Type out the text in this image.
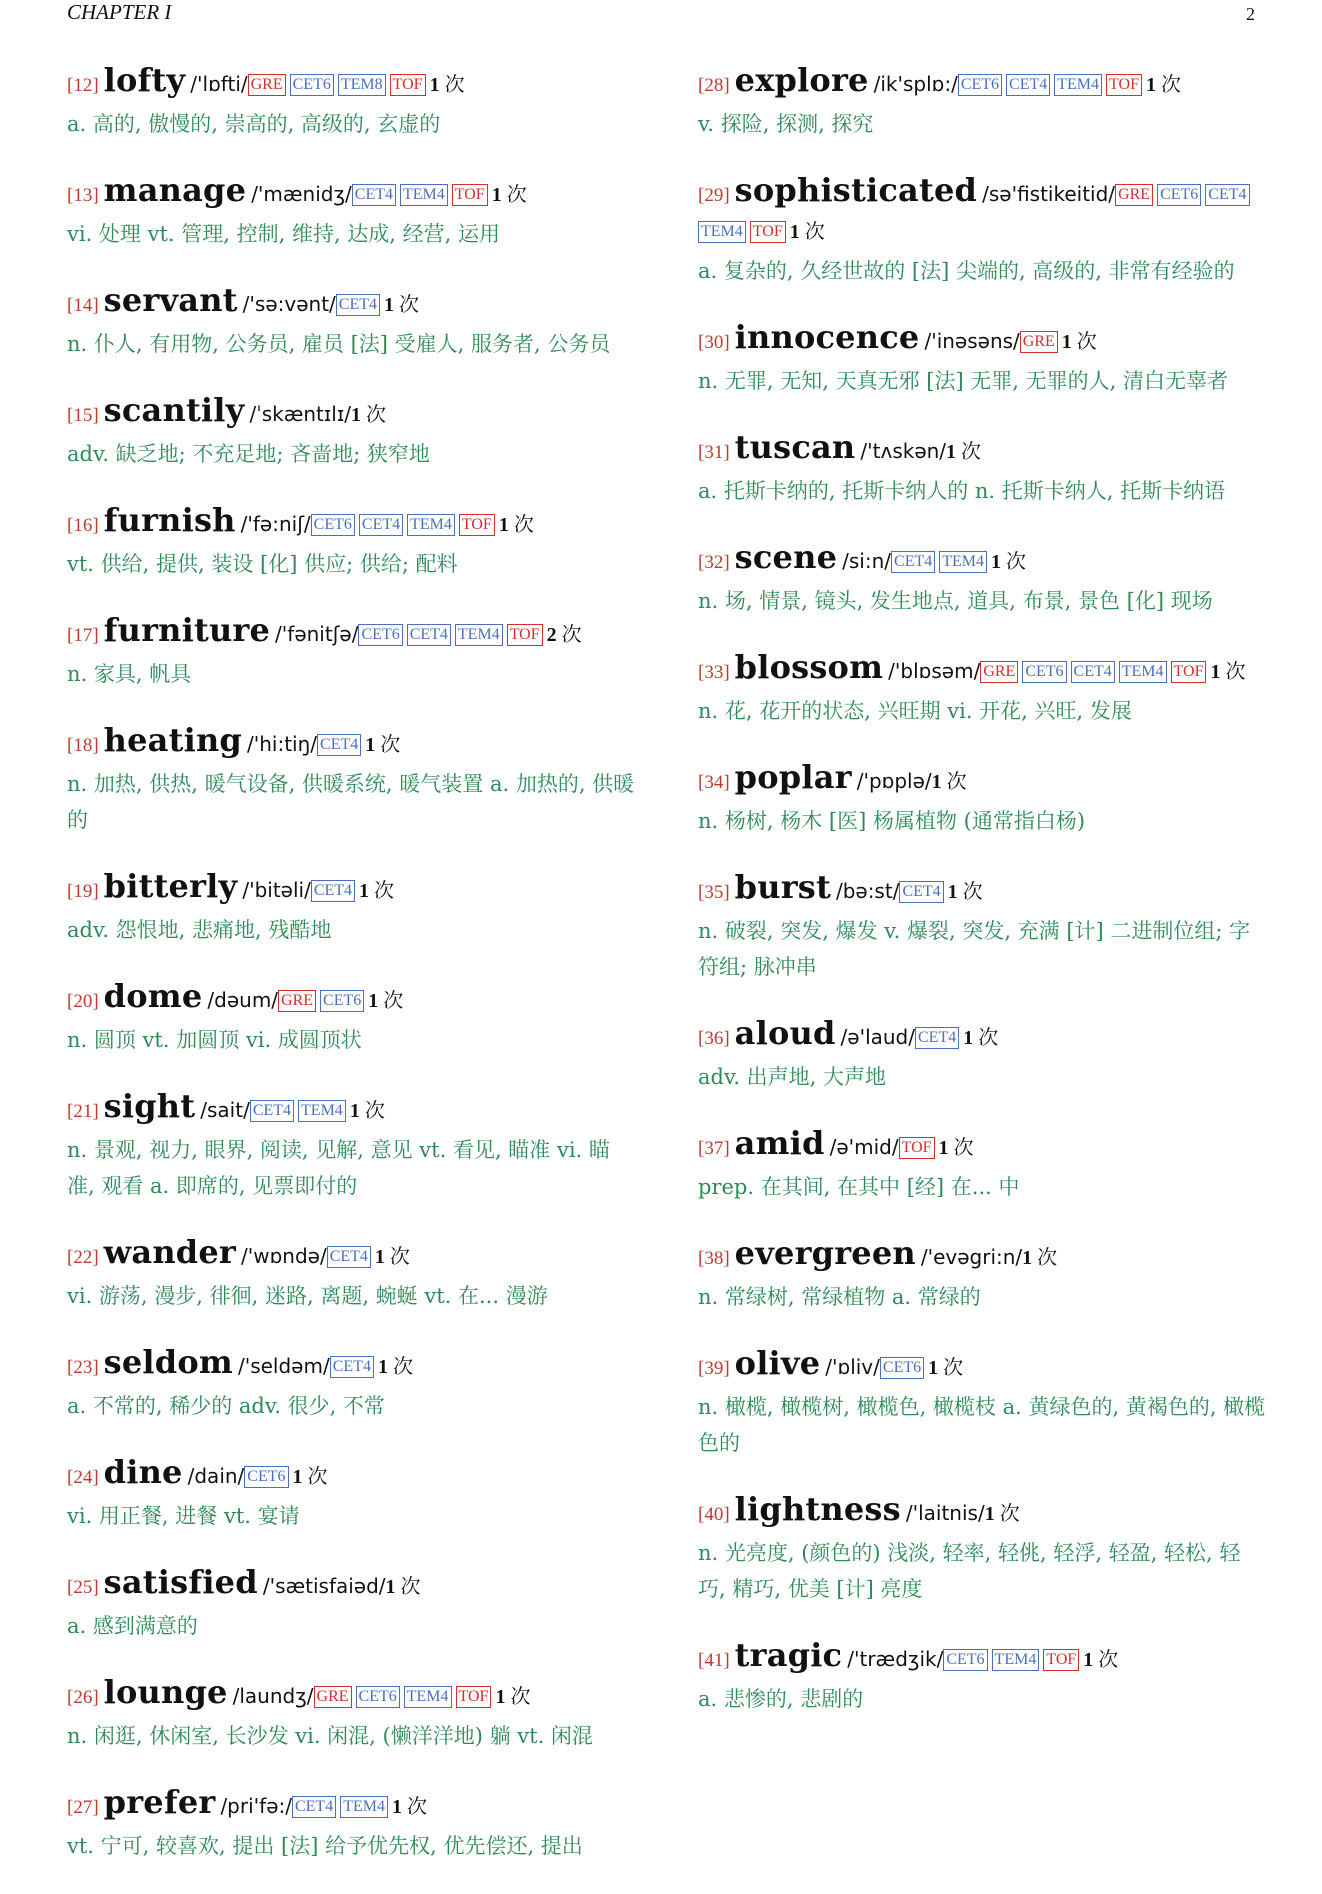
CHAPTER I	2
[12] lofty /'lɒfti/ GRE CET6 TEM8 TOF 1 次
a. 高的, 傲慢的, 崇高的, 高级的, 玄虚的
[13] manage /'mænidʒ/ CET4 TEM4 TOF 1 次
vi. 处理 vt. 管理, 控制, 维持, 达成, 经营, 运用
[14] servant /'sə:vənt/ CET4 1 次
n. 仆人, 有用物, 公务员, 雇员 [法] 受雇人, 服务者, 公务员
[15] scantily /ˈskæntɪlɪ/1 次
adv. 缺乏地; 不充足地; 吝啬地; 狭窄地
[16] furnish /'fə:niʃ/ CET6 CET4 TEM4 TOF 1 次
vt. 供给, 提供, 装设 [化] 供应; 供给; 配料
[17] furniture /'fənitʃə/ CET6 CET4 TEM4 TOF 2 次
n. 家具, 帆具
[18] heating /'hi:tiŋ/ CET4 1 次
n. 加热, 供热, 暖气设备, 供暖系统, 暖气装置 a. 加热的, 供暖的
[19] bitterly /'bitəli/ CET4 1 次
adv. 怨恨地, 悲痛地, 残酷地
[20] dome /dəum/ GRE CET6 1 次
n. 圆顶 vt. 加圆顶 vi. 成圆顶状
[21] sight /sait/ CET4 TEM4 1 次
n. 景观, 视力, 眼界, 阅读, 见解, 意见 vt. 看见, 瞄准 vi. 瞄准, 观看 a. 即席的, 见票即付的
[22] wander /'wɒndə/ CET4 1 次
vi. 游荡, 漫步, 徘徊, 迷路, 离题, 蜿蜒 vt. 在... 漫游
[23] seldom /'seldəm/ CET4 1 次
a. 不常的, 稀少的 adv. 很少, 不常
[24] dine /dain/ CET6 1 次
vi. 用正餐, 进餐 vt. 宴请
[25] satisfied /'sætisfaiəd/1 次
a. 感到满意的
[26] lounge /laundʒ/ GRE CET6 TEM4 TOF 1 次
n. 闲逛, 休闲室, 长沙发 vi. 闲混, (懒洋洋地) 躺 vt. 闲混
[27] prefer /pri'fə:/ CET4 TEM4 1 次
vt. 宁可, 较喜欢, 提出 [法] 给予优先权, 优先偿还, 提出
[28] explore /ik'splɒ:/ CET6 CET4 TEM4 TOF 1 次
v. 探险, 探测, 探究
[29] sophisticated /sə'fistikeitid/ GRE CET6 CET4TEM4 TOF 1 次
a. 复杂的, 久经世故的 [法] 尖端的, 高级的, 非常有经验的
[30] innocence /'inəsəns/ GRE 1 次
n. 无罪, 无知, 天真无邪 [法] 无罪, 无罪的人, 清白无辜者
[31] tuscan /'tʌskən/1 次
a. 托斯卡纳的, 托斯卡纳人的 n. 托斯卡纳人, 托斯卡纳语
[32] scene /si:n/ CET4 TEM4 1 次
n. 场, 情景, 镜头, 发生地点, 道具, 布景, 景色 [化] 现场
[33] blossom /'blɒsəm/ GRE CET6 CET4 TEM4 TOF 1 次
n. 花, 花开的状态, 兴旺期 vi. 开花, 兴旺, 发展
[34] poplar /'pɒplə/1 次
n. 杨树, 杨木 [医] 杨属植物 (通常指白杨)
[35] burst /bə:st/ CET4 1 次
n. 破裂, 突发, 爆发 v. 爆裂, 突发, 充满 [计] 二进制位组; 字符组; 脉冲串
[36] aloud /ə'laud/ CET4 1 次
adv. 出声地, 大声地
[37] amid /ə'mid/ TOF 1 次
prep. 在其间, 在其中 [经] 在... 中
[38] evergreen /'evəgri:n/1 次
n. 常绿树, 常绿植物 a. 常绿的
[39] olive /'ɒliv/ CET6 1 次
n. 橄榄, 橄榄树, 橄榄色, 橄榄枝 a. 黄绿色的, 黄褐色的, 橄榄色的
[40] lightness /'laitnis/1 次
n. 光亮度, (颜色的) 浅淡, 轻率, 轻佻, 轻浮, 轻盈, 轻松, 轻巧, 精巧, 优美 [计] 亮度
[41] tragic /'trædʒik/ CET6 TEM4 TOF 1 次
a. 悲惨的, 悲剧的
